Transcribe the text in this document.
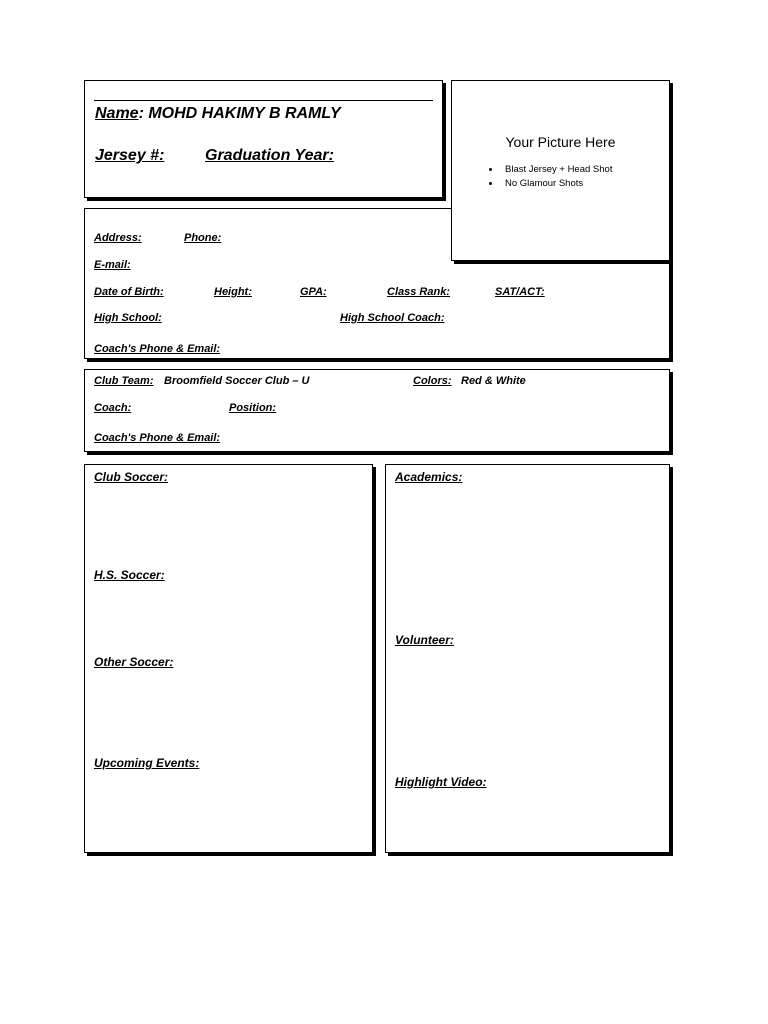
Address:	Phone:
E-mail:
Date of Birth:	Height:	GPA:	Class Rank:	SAT/ACT:
High School:	High School Coach:
Coach's Phone & Email:
Name: MOHD HAKIMY B RAMLY
Jersey #:	Graduation Year:
Your Picture Here
• Blast Jersey + Head Shot
• No Glamour Shots
Club Team: Broomfield Soccer Club – U	Colors: Red & White
Coach:	Position:
Coach's Phone & Email:
Club Soccer:
H.S. Soccer:
Other Soccer:
Upcoming Events:
Academics:
Volunteer:
Highlight Video:
